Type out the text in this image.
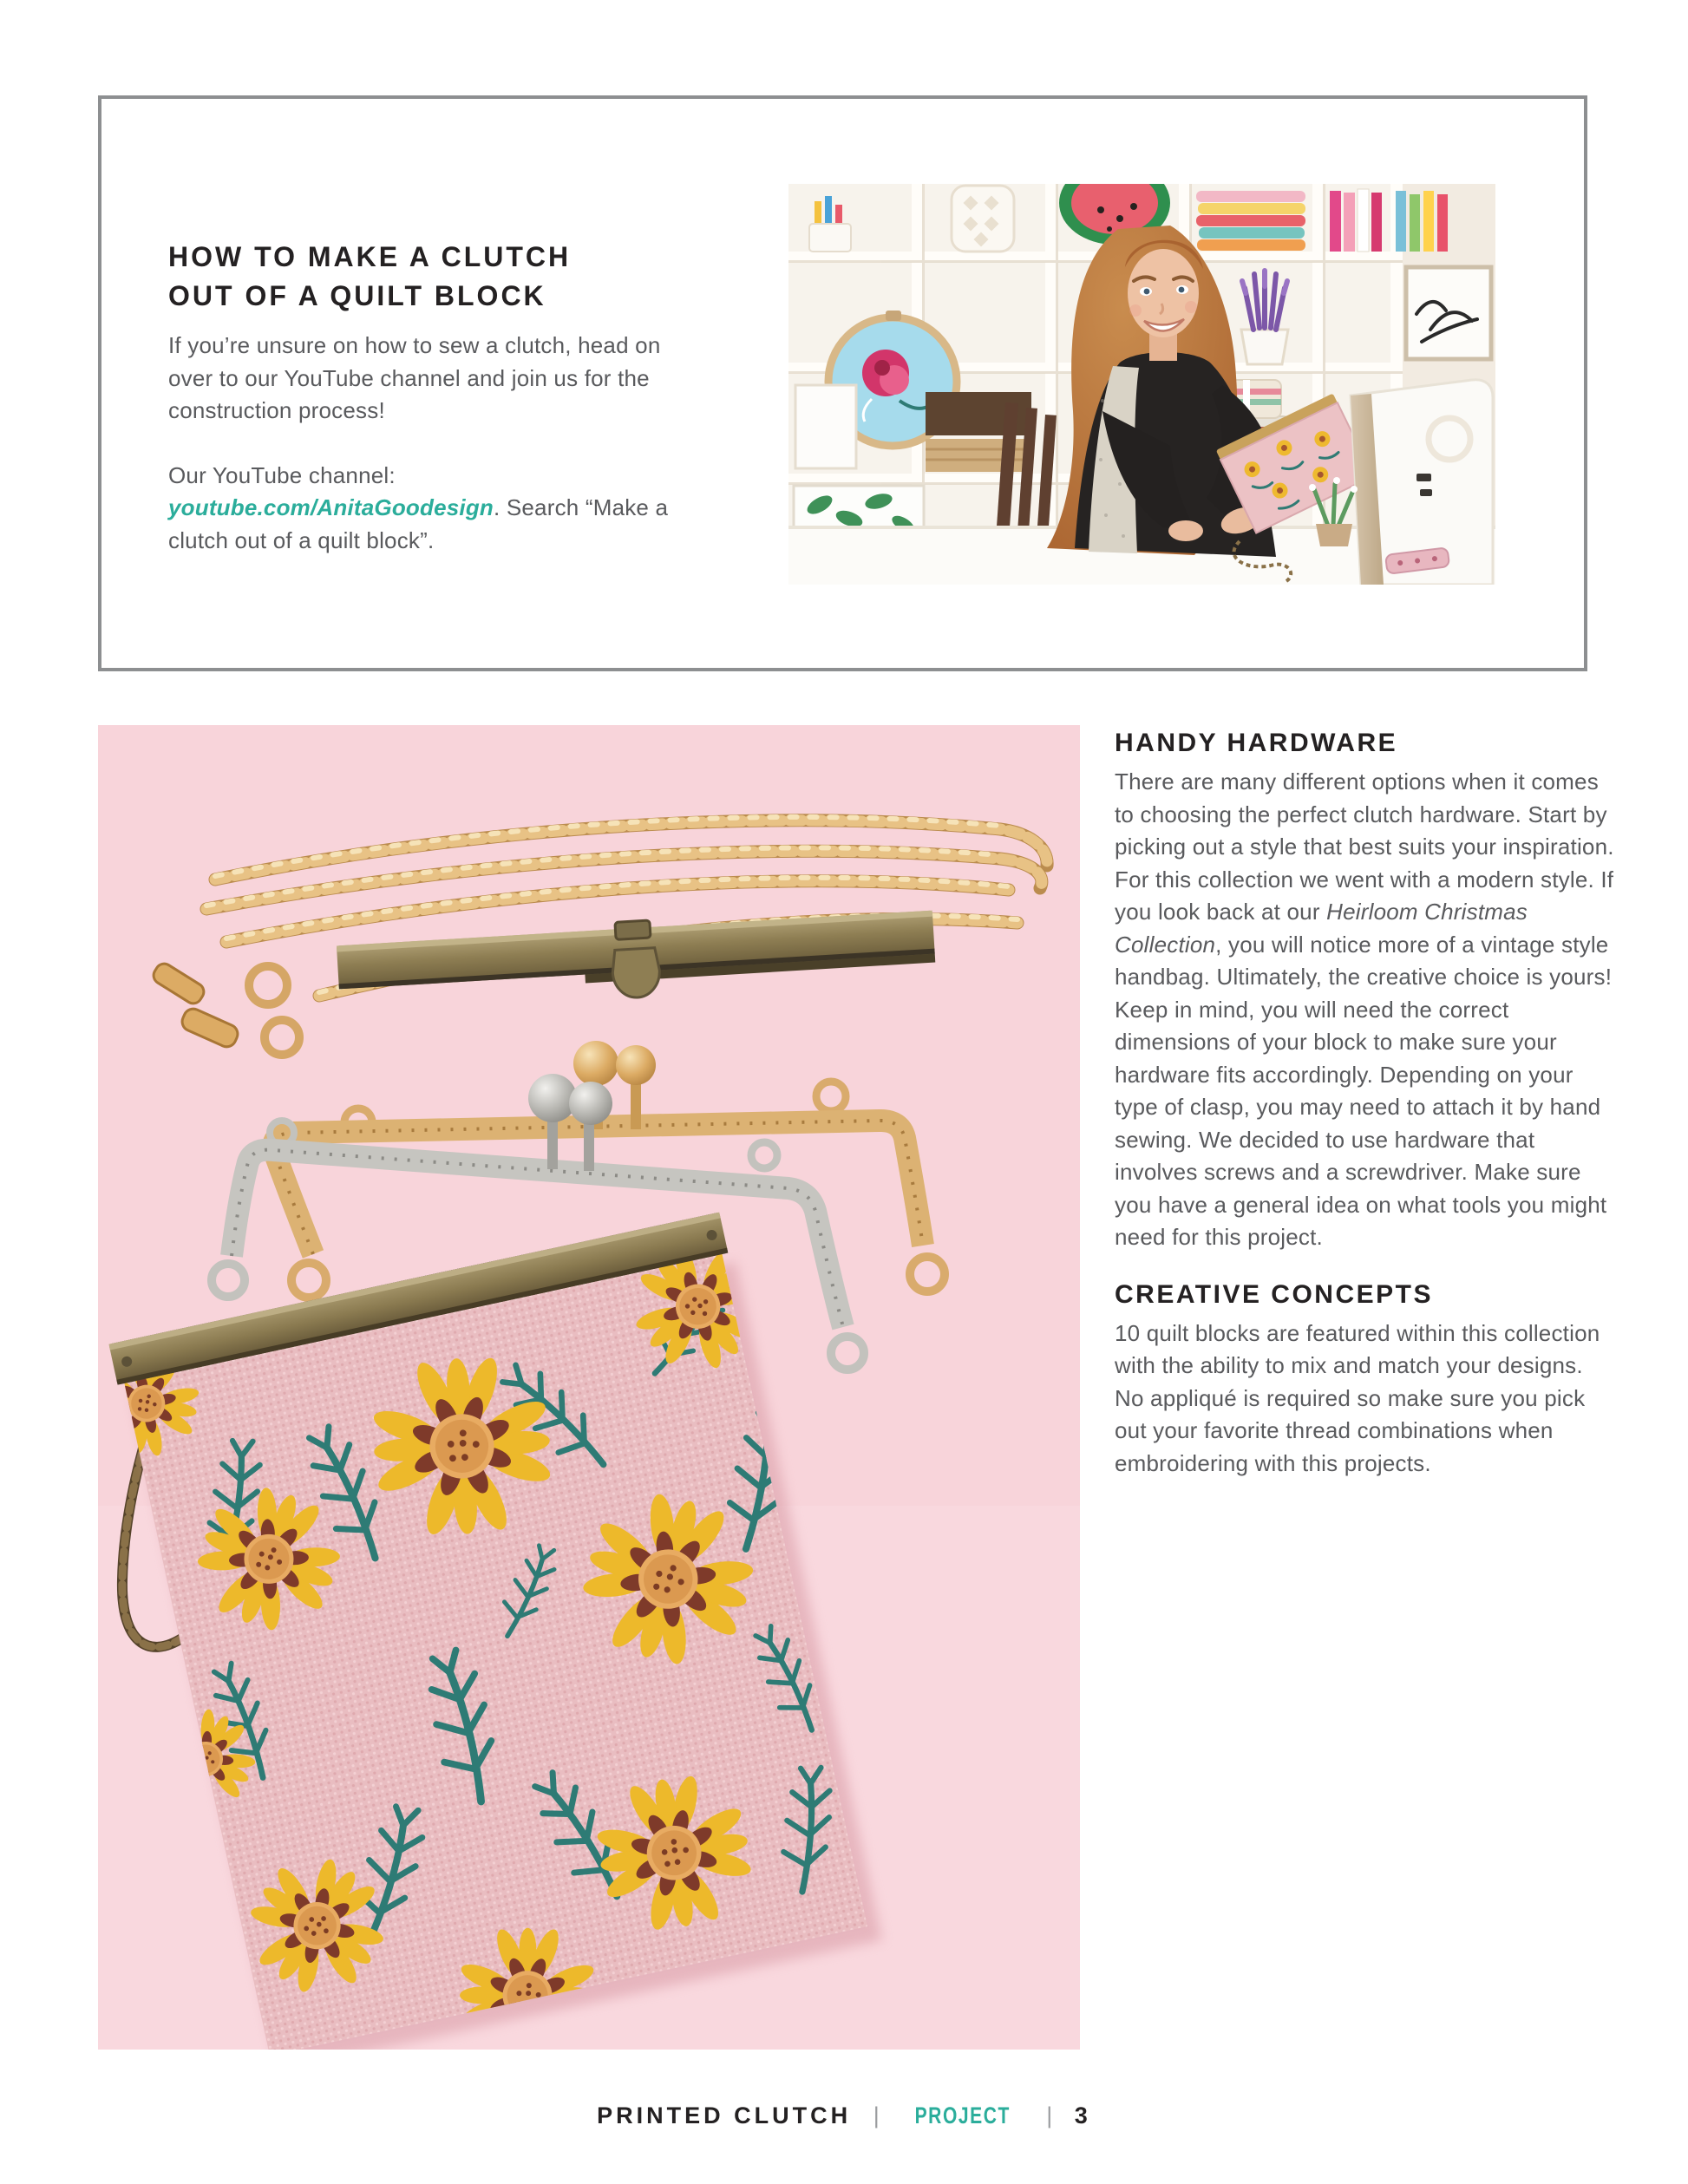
HOW TO MAKE A CLUTCH
OUT OF A QUILT BLOCK

If you’re unsure on how to sew a clutch, head on over to our YouTube channel and join us for the construction process!

Our YouTube channel: youtube.com/AnitaGoodesign. Search “Make a clutch out of a quilt block”.

HANDY HARDWARE

There are many different options when it comes to choosing the perfect clutch hardware. Start by picking out a style that best suits your inspiration. For this collection we went with a modern style. If you look back at our Heirloom Christmas Collection, you will notice more of a vintage style handbag. Ultimately, the creative choice is yours! Keep in mind, you will need the correct dimensions of your block to make sure your hardware fits accordingly. Depending on your type of clasp, you may need to attach it by hand sewing. We decided to use hardware that involves screws and a screwdriver. Make sure you have a general idea on what tools you might need for this project.

CREATIVE CONCEPTS

10 quilt blocks are featured within this collection with the ability to mix and match your designs. No appliqué is required so make sure you pick out your favorite thread combinations when embroidering with this projects.

PRINTED CLUTCH | PROJECT | 3
